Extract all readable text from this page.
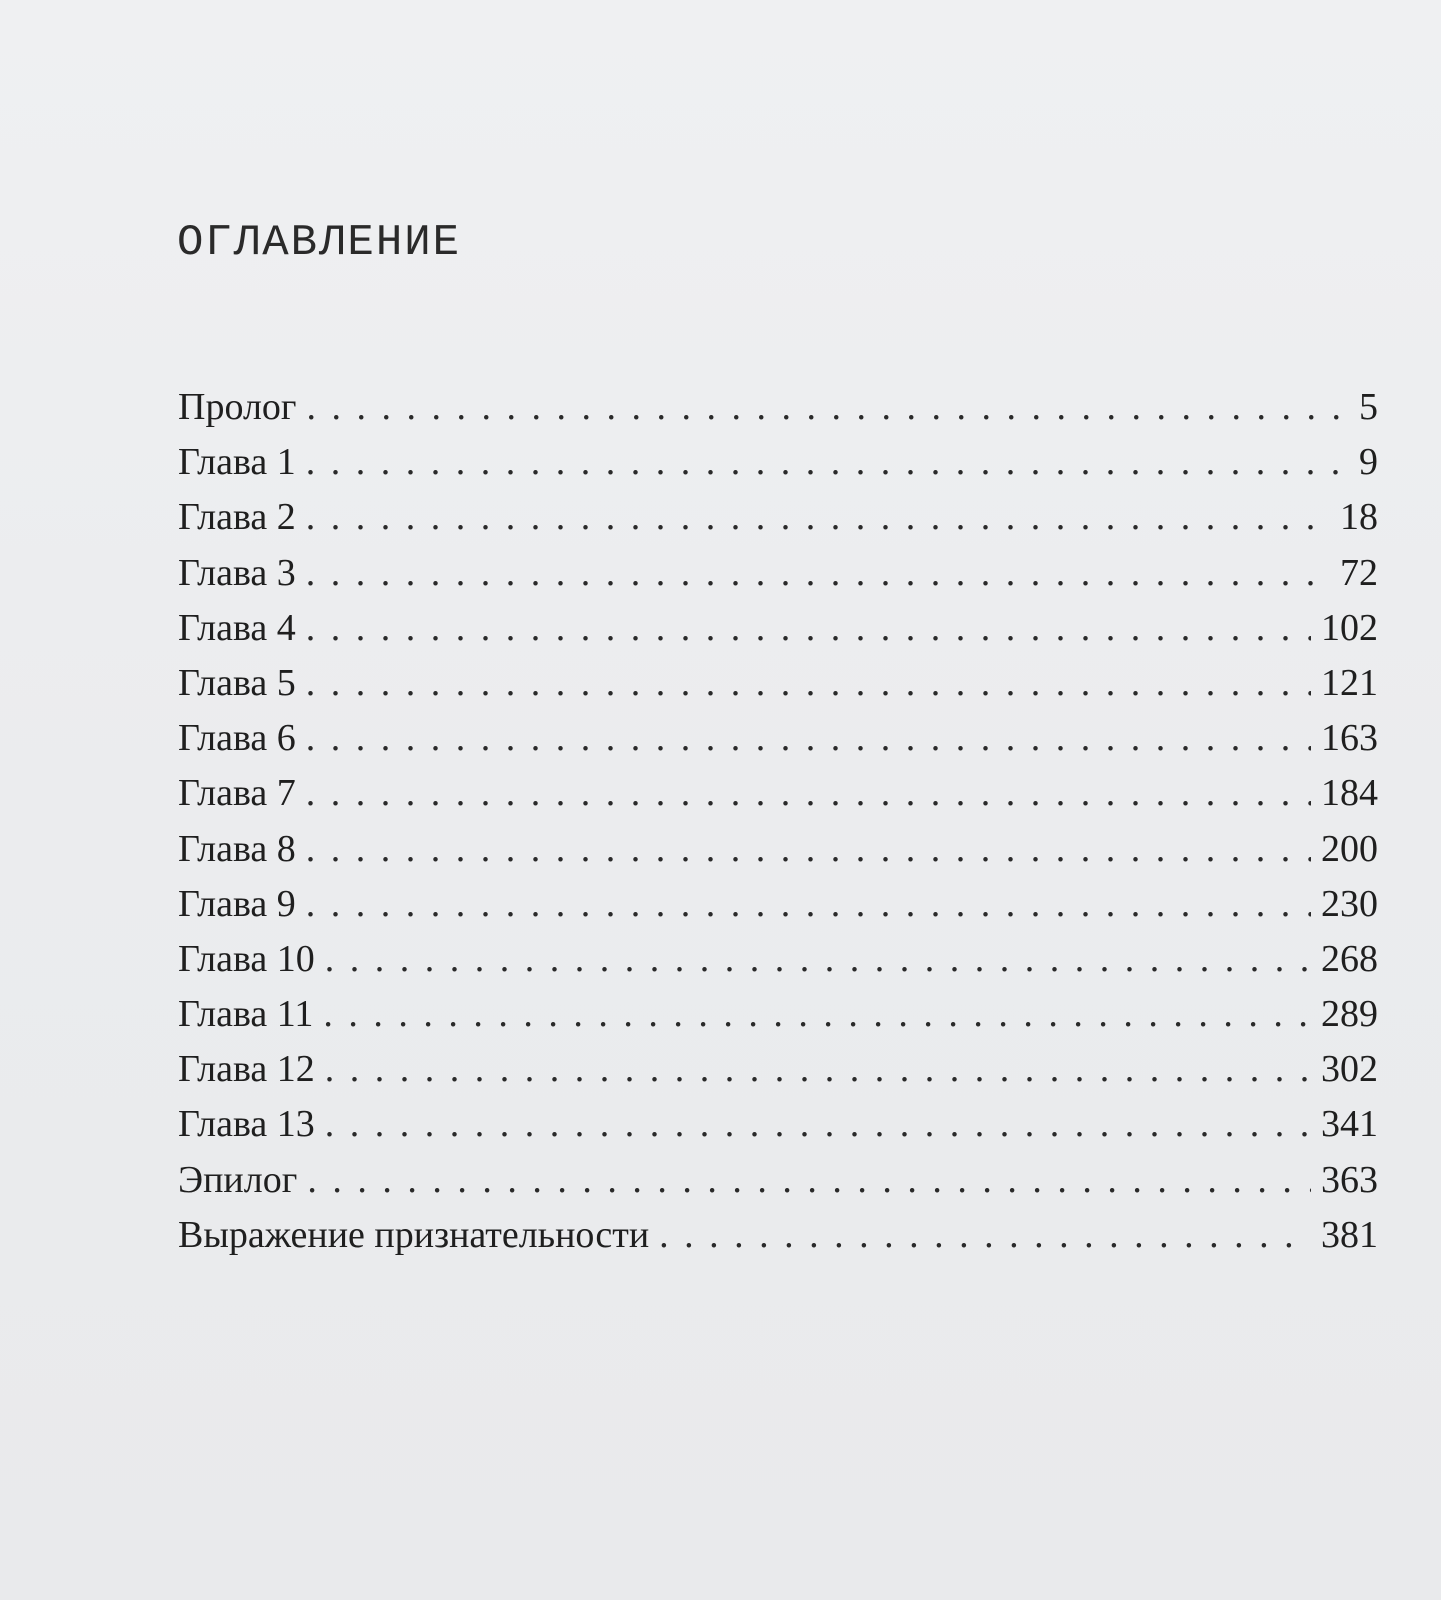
ОГЛАВЛЕНИЕ
Пролог . . .	5
Глава 1 . . .	9
Глава 2 . . .	18
Глава 3 . . .	72
Глава 4 . . .	102
Глава 5 . . .	121
Глава 6 . . .	163
Глава 7 . . .	184
Глава 8 . . .	200
Глава 9 . . .	230
Глава 10 . . .	268
Глава 11 . . .	289
Глава 12 . . .	302
Глава 13 . . .	341
Эпилог . . .	363
Выражение признательности . . .	381
